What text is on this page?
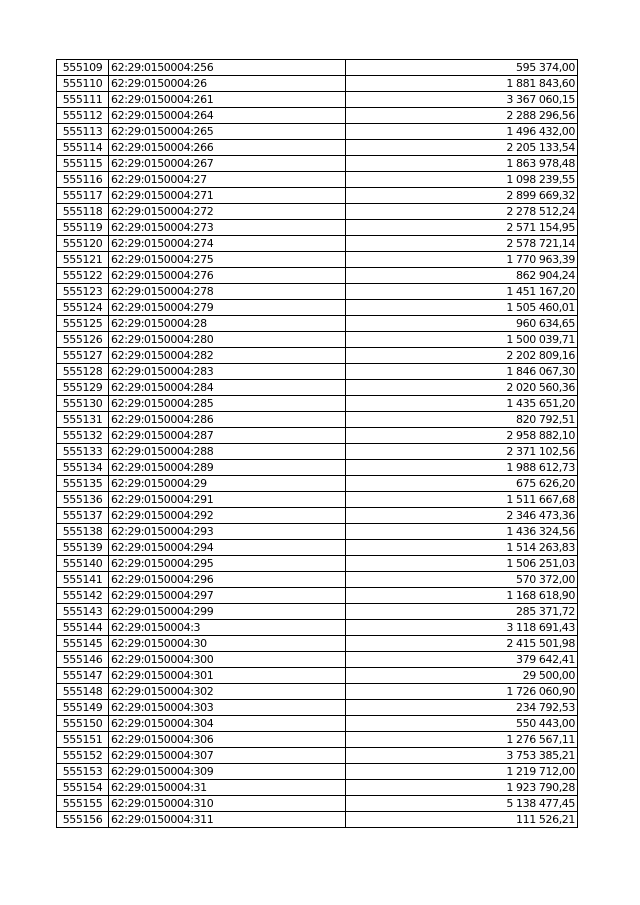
555109	62:29:0150004:256	595 374,00
555110	62:29:0150004:26	1 881 843,60
555111	62:29:0150004:261	3 367 060,15
555112	62:29:0150004:264	2 288 296,56
555113	62:29:0150004:265	1 496 432,00
555114	62:29:0150004:266	2 205 133,54
555115	62:29:0150004:267	1 863 978,48
555116	62:29:0150004:27	1 098 239,55
555117	62:29:0150004:271	2 899 669,32
555118	62:29:0150004:272	2 278 512,24
555119	62:29:0150004:273	2 571 154,95
555120	62:29:0150004:274	2 578 721,14
555121	62:29:0150004:275	1 770 963,39
555122	62:29:0150004:276	862 904,24
555123	62:29:0150004:278	1 451 167,20
555124	62:29:0150004:279	1 505 460,01
555125	62:29:0150004:28	960 634,65
555126	62:29:0150004:280	1 500 039,71
555127	62:29:0150004:282	2 202 809,16
555128	62:29:0150004:283	1 846 067,30
555129	62:29:0150004:284	2 020 560,36
555130	62:29:0150004:285	1 435 651,20
555131	62:29:0150004:286	820 792,51
555132	62:29:0150004:287	2 958 882,10
555133	62:29:0150004:288	2 371 102,56
555134	62:29:0150004:289	1 988 612,73
555135	62:29:0150004:29	675 626,20
555136	62:29:0150004:291	1 511 667,68
555137	62:29:0150004:292	2 346 473,36
555138	62:29:0150004:293	1 436 324,56
555139	62:29:0150004:294	1 514 263,83
555140	62:29:0150004:295	1 506 251,03
555141	62:29:0150004:296	570 372,00
555142	62:29:0150004:297	1 168 618,90
555143	62:29:0150004:299	285 371,72
555144	62:29:0150004:3	3 118 691,43
555145	62:29:0150004:30	2 415 501,98
555146	62:29:0150004:300	379 642,41
555147	62:29:0150004:301	29 500,00
555148	62:29:0150004:302	1 726 060,90
555149	62:29:0150004:303	234 792,53
555150	62:29:0150004:304	550 443,00
555151	62:29:0150004:306	1 276 567,11
555152	62:29:0150004:307	3 753 385,21
555153	62:29:0150004:309	1 219 712,00
555154	62:29:0150004:31	1 923 790,28
555155	62:29:0150004:310	5 138 477,45
555156	62:29:0150004:311	111 526,21
